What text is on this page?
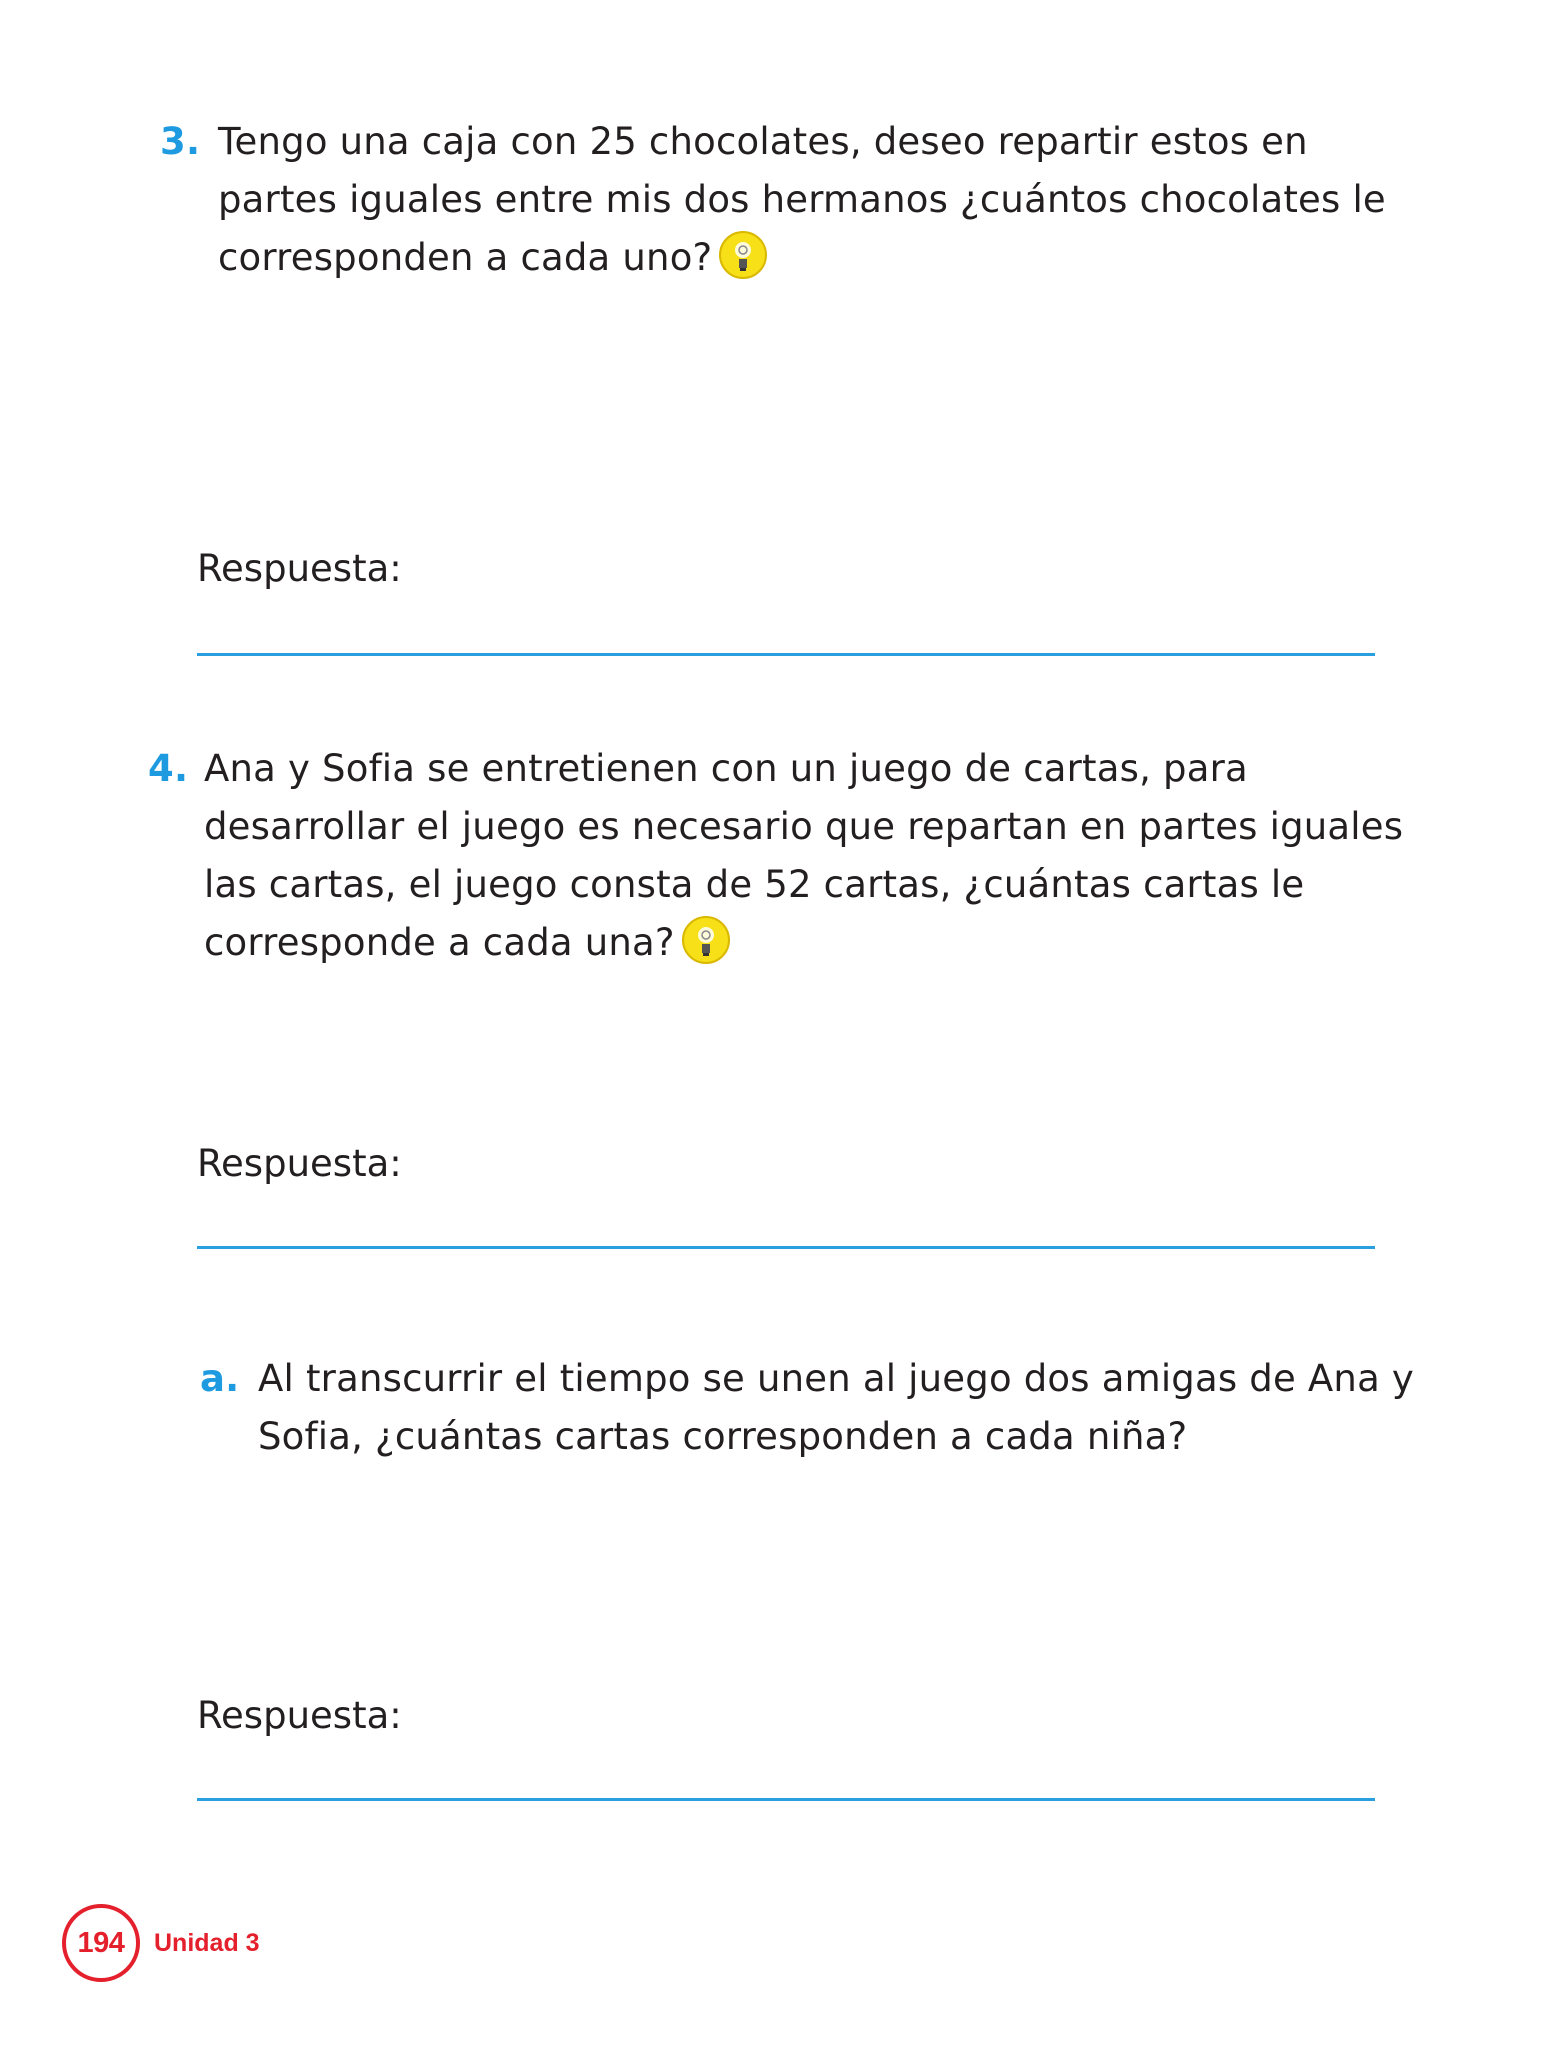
3. Tengo una caja con 25 chocolates, deseo repartir estos en
partes iguales entre mis dos hermanos ¿cuántos chocolates le
corresponden a cada uno?

Respuesta:

4. Ana y Sofia se entretienen con un juego de cartas, para
desarrollar el juego es necesario que repartan en partes iguales
las cartas, el juego consta de 52 cartas, ¿cuántas cartas le
corresponde a cada una?

Respuesta:

a. Al transcurrir el tiempo se unen al juego dos amigas de Ana y
Sofia, ¿cuántas cartas corresponden a cada niña?

Respuesta:

194 Unidad 3
